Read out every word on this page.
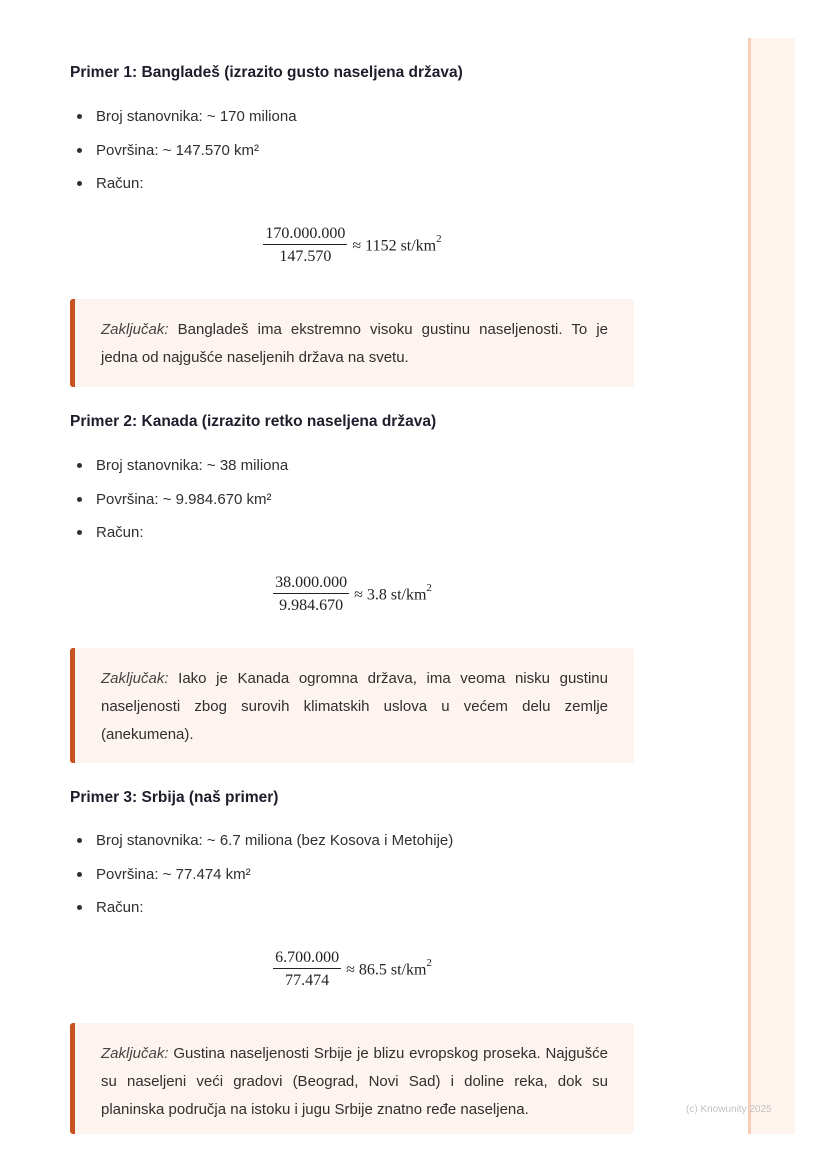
Primer 1: Bangladeš (izrazito gusto naseljena država)
Broj stanovnika: ~ 170 miliona
Površina: ~ 147.570 km²
Račun:
$\frac{170.000.000}{147.570} \approx 1152$ $st/km^2$
Zaključak: Bangladeš ima ekstremno visoku gustinu naseljenosti. To je jedna od najgušće naseljenih država na svetu.
Primer 2: Kanada (izrazito retko naseljena država)
Broj stanovnika: ~ 38 miliona
Površina: ~ 9.984.670 km²
Račun:
$\frac{38.000.000}{9.984.670} \approx 3.8$ $st/km^2$
Zaključak: Iako je Kanada ogromna država, ima veoma nisku gustinu naseljenosti zbog surovih klimatskih uslova u većem delu zemlje (anekumena).
Primer 3: Srbija (naš primer)
Broj stanovnika: ~ 6.7 miliona (bez Kosova i Metohije)
Površina: ~ 77.474 km²
Račun:
$\frac{6.700.000}{77.474} \approx 86.5$ $st/km^2$
Zaključak: Gustina naseljenosti Srbije je blizu evropskog proseka. Najgušće su naseljeni veći gradovi (Beograd, Novi Sad) i doline reka, dok su planinska područja na istoku i jugu Srbije znatno ređe naseljena.	(c) Knowunity 2025
